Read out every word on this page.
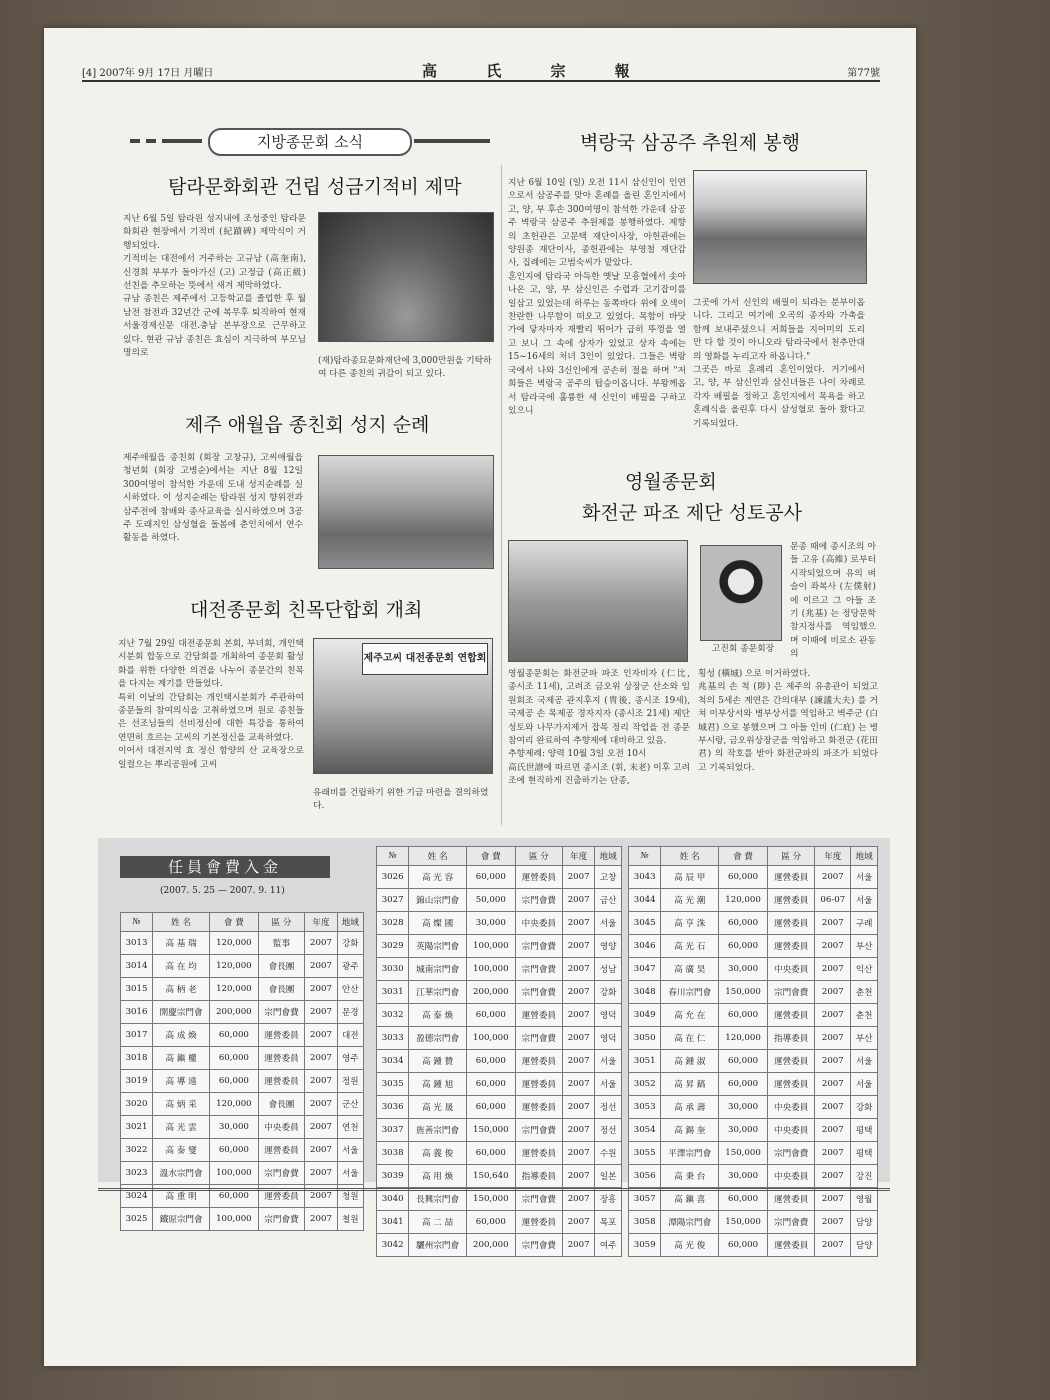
[4] 2007年 9月 17日 月曜日	高 氏 宗 報	第77號
지방종문회 소식
탐라문화회관 건립 성금기적비 제막

지난 6월 5일 탐라원 성지내에 조성중인 탐라문화회관 현장에서 기적비 (紀蹟碑) 제막식이 거행되었다.
기적비는 대전에서 거주하는 고규남 (高奎南), 신경희 부부가 돌아가신 (고) 고정급 (高正級) 선친을 추모하는 뜻에서 새겨 제막하였다.
규남 종친은 제주에서 고등학교를 졸업한 후 월남전 참전과 32년간 군에 복무후 퇴직하여 현재 서울경제신문 대전.충남 본부장으로 근무하고 있다. 현관 규남 종친은 효심이 지극하여 부모님 명의로

(재)탐라종묘문화재단에 3,000만원을 기탁하여 다른 종친의 귀감이 되고 있다.

제주 애월읍 종친회 성지 순례

제주애월읍 종친회 (회장 고창규), 고씨애월읍청년회 (회장 고병순)에서는 지난 8월 12일 300여명이 참석한 가운데 도내 성지순례를 실시하였다. 이 성지순례는 탐라원 성지 향위전과 삼주전에 참배와 종사교육을 실시하였으며 3공주 도래지인 삼성혈을 돌봄에 춘인치에서 연수활동을 하였다.

대전종문회 친목단합회 개최

지난 7월 29일 대전종문회 본회, 부녀회, 개인택시분회 합동으로 간담회를 개최하여 종문회 활성화를 위한 다양한 의견을 나누어 종문간의 친목을 다지는 계기를 만들었다.
특히 이날의 간담회는 개인택시분회가 주관하여 종문들의 참여의식을 고취하였으며 원로 종친들은 선조님들의 선비정신에 대한 특강을 통하여 연면히 흐르는 고씨의 기본정신을 교육하였다.
이어서 대전지역 효 정신 함양의 산 교육장으로 일컬으는 뿌리공원에 고씨

제주고씨 대전종문회 연합회

유래비를 건립하기 위한 기금 마련을 결의하였다.

벽랑국 삼공주 추원제 봉행

지난 6월 10일 (일) 오전 11시 삼신인이 인연으로서 삼공주를 맞아 혼례를 올린 혼인지에서 고, 양, 부 후손 300여명이 참석한 가운데 삼공주 벽랑국 삼공주 추원제를 봉행하였다. 제향의 초헌관은 고문택 재단이사장, 아헌관에는 양원종 재단이사, 종헌관에는 부영철 재단감사, 집례에는 고범숙씨가 맡았다.
혼인지에 탐라국 아득한 옛날 모흥혈에서 솟아 나온 고, 양, 부 삼신인은 수렵과 고기잡이를 일삼고 있었는데 하루는 동쪽바다 위에 오색이 찬란한 나무함이 떠오고 있었다. 목함이 바닷가에 닿자마자 재빨리 뛰어가 급히 뚜껑을 열고 보니 그 속에 상자가 있었고 상자 속에는 15~16세의 처녀 3인이 있었다. 그들은 벽랑국에서 나와 3신인에게 공손히 절을 하며 "저희들은 벽랑국 공주의 탑승이옵니다. 부왕께옵서 탐라국에 훌륭한 세 신인이 배필을 구하고 있으니

그곳에 가서 신인의 배필이 되라는 분부이옵니다. 그리고 여기에 오곡의 종자와 가축을 함께 보내주셨으니 저희들을 지어미의 도리만 다 할 것이 아니오라 탐라국에서 천추만대의 영화를 누리고자 하옵니다."
그곳은 바로 혼례리 혼인이었다. 거기에서 고, 양, 부 삼신인과 삼신녀들은 나이 차례로 각자 배필을 정하고 혼인지에서 목욕을 하고 혼례식을 올린후 다시 삼성혈로 돌아 왔다고 기록되었다.

영월종문회
화전군 파조 제단 성토공사

고진회 종문회장

문종 때에 종시조의 아들 고유 (高維) 로부터 시작되었으며 유의 벼슬이 좌복사 (左僕射) 에 이르고 그 아들 조기 (兆基) 는 정당문학 참지정사를 역임했으며 이때에 비로소 관동의

영월종문회는 화전군파 파조 인자비자 (仁比, 종시조 11세), 고려조 금오위 상장군 산소와 임원회조 국제공 관지후지 (冑後, 종시조 19세), 국제공 손 목제공 경자지자 (종시조 21세) 제단성토와 나무가지제거 잡목 정리 작업을 전 종문 참여리 완료하여 추향제에 대비하고 있음.
추향제례: 양력 10월 3일 오전 10시
高氏世譜에 따르면 종시조 (휘, 末老) 이후 고려조에 현직하게 진출하기는 단종,

횡성 (橫城) 으로 이거하였다.
兆基의 손 척 (陟) 은 제주의 유총관이 되었고 척의 5세손 계연은 간의대부 (諫議大夫) 를 거쳐 이부상서와 병부상서를 역임하고 벽주군 (白城君) 으로 봉했으며 그 아들 인비 (仁庇) 는 병부시랑, 금오위상장군을 역임하고 화전군 (花田君) 의 작호를 받아 화전군파의 파조가 되었다고 기록되었다.

任員會費入金
(2007. 5. 25 — 2007. 9. 11)
№	姓 名	會 費	區 分	年度	地域
3013	高 基 瑞	120,000	監事	2007	강화
3014	高 在 均	120,000	會長團	2007	광주
3015	高 柄 老	120,000	會長團	2007	안산
3016	開慶宗門會	200,000	宗門會費	2007	문경
3017	高 成 煥	60,000	運營委員	2007	대전
3018	高 鎭 權	60,000	運營委員	2007	영주
3019	高 導 遠	60,000	運營委員	2007	정원
3020	高 炳 采	120,000	會長團	2007	군산
3021	高 光 雲	30,000	中央委員	2007	연천
3022	高 泰 燮	60,000	運營委員	2007	서울
3023	溫水宗門會	100,000	宗門會費	2007	서울
3024	高 重 明	60,000	運營委員	2007	청원
3025	鐵原宗門會	100,000	宗門會費	2007	철원
№	姓 名	會 費	區 分	年度	地域
3026	高 光 容	60,000	運營委員	2007	고창
3027	錦山宗門會	50,000	宗門會費	2007	금산
3028	高 燦 國	30,000	中央委員	2007	서울
3029	英陽宗門會	100,000	宗門會費	2007	영양
3030	城南宗門會	100,000	宗門會費	2007	성남
3031	江華宗門會	200,000	宗門會費	2007	강화
3032	高 泰 煥	60,000	運營委員	2007	영덕
3033	盈德宗門會	100,000	宗門會費	2007	영덕
3034	高 鍾 贊	60,000	運營委員	2007	서울
3035	高 鍾 旭	60,000	運營委員	2007	서울
3036	高 光 晟	60,000	運營委員	2007	정선
3037	旌善宗門會	150,000	宗門會費	2007	정선
3038	高 義 俊	60,000	運營委員	2007	수원
3039	高 用 煥	150,640	指導委員	2007	일본
3040	長興宗門會	150,000	宗門會費	2007	장흥
3041	高 二 喆	60,000	運營委員	2007	목포
3042	驪州宗門會	200,000	宗門會費	2007	여주
№	姓 名	會 費	區 分	年度	地域
3043	高 辰 甲	60,000	運營委員	2007	서울
3044	高 光 潮	120,000	運營委員	06-07	서울
3045	高 亨 洙	60,000	運營委員	2007	구례
3046	高 光 石	60,000	運營委員	2007	부산
3047	高 廣 昊	30,000	中央委員	2007	익산
3048	春川宗門會	150,000	宗門會費	2007	춘천
3049	高 允 在	60,000	運營委員	2007	춘천
3050	高 在 仁	120,000	指導委員	2007	부산
3051	高 鍾 淑	60,000	運營委員	2007	서울
3052	高 昇 鎬	60,000	運營委員	2007	서울
3053	高 承 壽	30,000	中央委員	2007	강화
3054	高 錫 奎	30,000	中央委員	2007	평택
3055	平澤宗門會	150,000	宗門會費	2007	평택
3056	高 秉 台	30,000	中央委員	2007	강진
3057	高 鎭 喜	60,000	運營委員	2007	영월
3058	潭陽宗門會	150,000	宗門會費	2007	담양
3059	高 光 俊	60,000	運營委員	2007	담양
